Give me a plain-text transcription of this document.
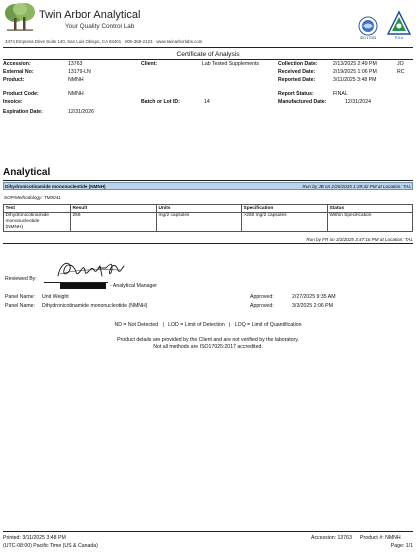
Twin Arbor Analytical
Your Quality Control Lab
3474 Empresa Drive Suite 140, San Luis Obispo, CA 93401 · 805-369-2123 · www.twinarborlabs.com
ISO 17025	PJLA
Certificate of Analysis
Accession:	13763	Client:	Lab Tested Supplements	Collection Date:	2/13/2025 2:49 PM	JO
External No:	13179-LN	Received Date:	2/19/2025 1:06 PM	RC
Product:	NMNH	Reported Date:	3/11/2025 3:48 PM
Product Code:	NMNH	Report Status:	FINAL
Invoice:	Batch or Lot ID:	14	Manufactured Date:	12/31/2024
Expiration Date:	12/31/2026
Analytical
Dihydronicotinamide mononucleotide (NMNH)	Run by JB on 2/26/2025 1:39:42 PM at Location: TAL
SOP/Methodology: TM0041
Test	Result	Units	Specification	Status

Dihydronicotinamide
mononucleotide
(NMNH)	256	mg/2 capsules	>250 mg/2 capsules	Within Specification
Run by FR on 3/3/2025 3:47:16 PM at Location: TAL
Reviewed By:
- Analytical Manager
Panel Name: Unit Weight	Approved:	2/27/2025 9:35 AM
Panel Name: Dihydronicotinamide mononucleotide (NMNH)	Approved:	3/3/2025 2:06 PM
ND = Not Detected   |   LOD = Limit of Detection   |   LOQ = Limit of Quantification
Product details are provided by the Client and are not verified by the laboratory.
Not all methods are ISO17025:2017 accredited.
Printed: 3/11/2025 3:48 PM
(UTC-08:00) Pacific Time (US & Canada)
Accession: 13763 Product #: NMNH
Page: 1/1
